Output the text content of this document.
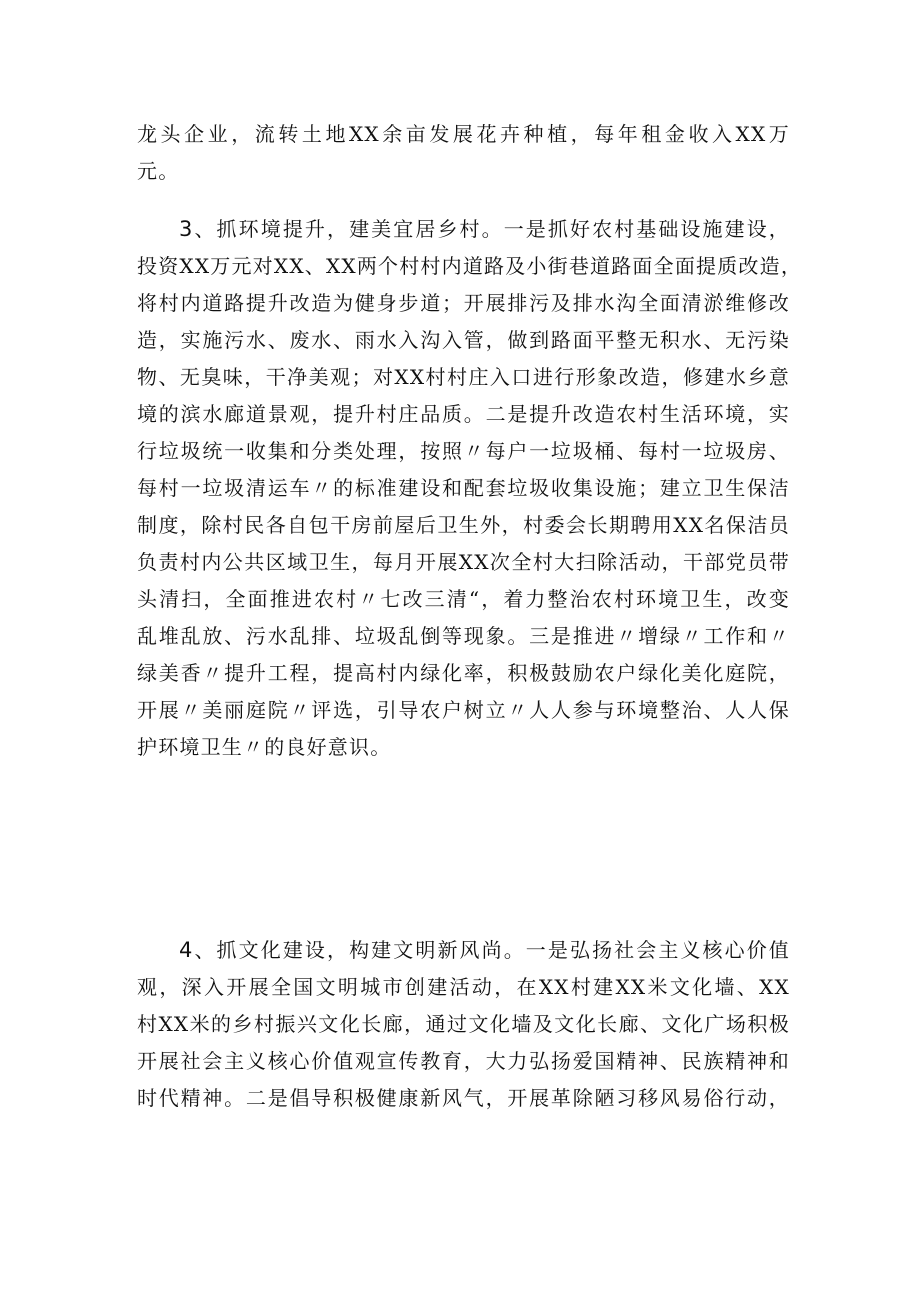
龙头企业，流转土地XX余亩发展花卉种植，每年租金收入XX万
元。
3、抓环境提升，建美宜居乡村。一是抓好农村基础设施建设，
投资XX万元对XX、XX两个村村内道路及小街巷道路面全面提质改造，
将村内道路提升改造为健身步道；开展排污及排水沟全面清淤维修改
造，实施污水、废水、雨水入沟入管，做到路面平整无积水、无污染
物、无臭味，干净美观；对XX村村庄入口进行形象改造，修建水乡意
境的滨水廊道景观，提升村庄品质。二是提升改造农村生活环境，实
行垃圾统一收集和分类处理，按照〃每户一垃圾桶、每村一垃圾房、
每村一垃圾清运车〃的标准建设和配套垃圾收集设施；建立卫生保洁
制度，除村民各自包干房前屋后卫生外，村委会长期聘用XX名保洁员
负责村内公共区域卫生，每月开展XX次全村大扫除活动，干部党员带
头清扫，全面推进农村〃七改三清“，着力整治农村环境卫生，改变
乱堆乱放、污水乱排、垃圾乱倒等现象。三是推进〃增绿〃工作和〃
绿美香〃提升工程，提高村内绿化率，积极鼓励农户绿化美化庭院，
开展〃美丽庭院〃评选，引导农户树立〃人人参与环境整治、人人保
护环境卫生〃的良好意识。
4、抓文化建设，构建文明新风尚。一是弘扬社会主义核心价值
观，深入开展全国文明城市创建活动，在XX村建XX米文化墙、XX
村XX米的乡村振兴文化长廊，通过文化墙及文化长廊、文化广场积极
开展社会主义核心价值观宣传教育，大力弘扬爱国精神、民族精神和
时代精神。二是倡导积极健康新风气，开展革除陋习移风易俗行动，
